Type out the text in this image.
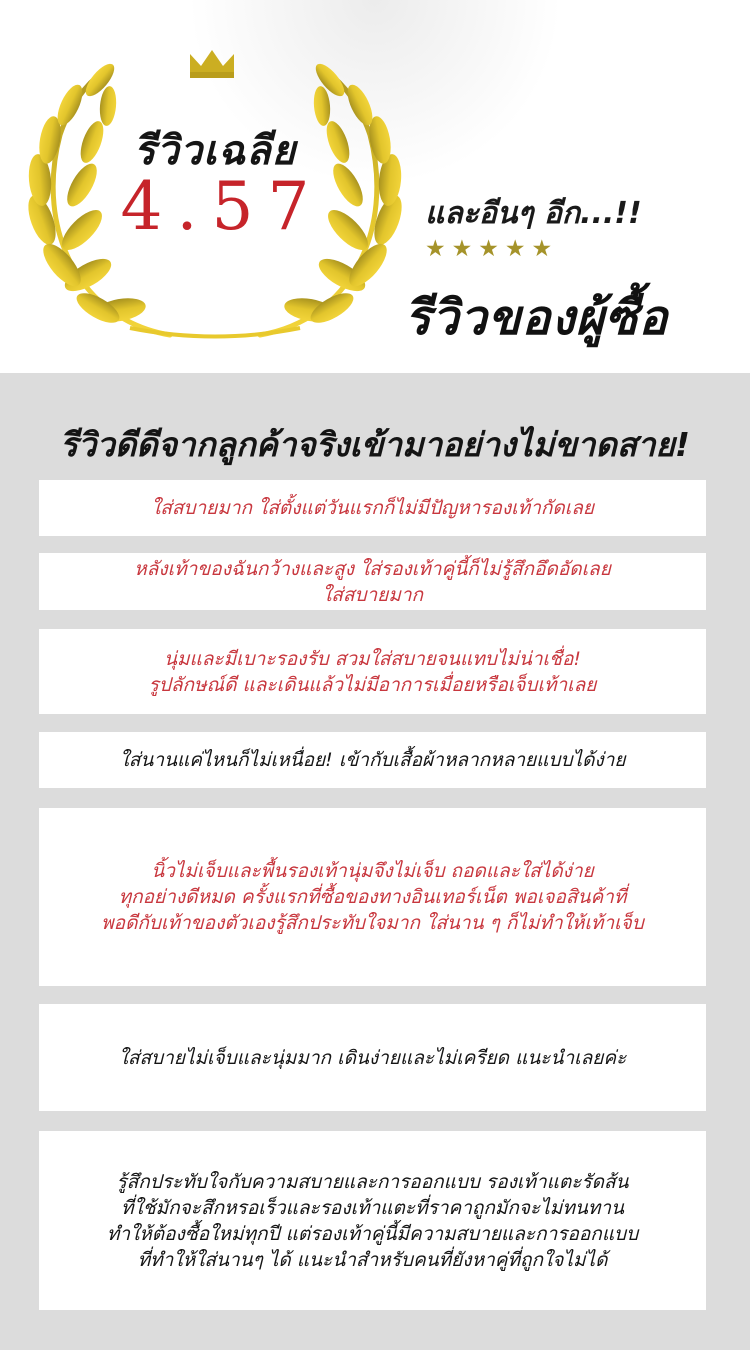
รีวิวเฉลีย
4.57	และอีนๆ อีก...!!
★ ★ ★ ★ ★
รีวิวของผู้ซื้อ
รีวิวดีดีจากลูกค้าจริงเข้ามาอย่างไม่ขาดสาย!
ใส่สบายมาก ใส่ตั้งแต่วันแรกก็ไม่มีปัญหารองเท้ากัดเลย
หลังเท้าของฉันกว้างและสูง ใส่รองเท้าคู่นี้ก็ไม่รู้สึกอึดอัดเลย
ใส่สบายมาก
นุ่มและมีเบาะรองรับ สวมใส่สบายจนแทบไม่น่าเชื่อ!
รูปลักษณ์ดี และเดินแล้วไม่มีอาการเมื่อยหรือเจ็บเท้าเลย
ใส่นานแค่ไหนก็ไม่เหนื่อย! เข้ากับเสื้อผ้าหลากหลายแบบได้ง่าย
นิ้วไม่เจ็บและพื้นรองเท้านุ่มจึงไม่เจ็บ ถอดและใส่ได้ง่าย
ทุกอย่างดีหมด ครั้งแรกที่ซื้อของทางอินเทอร์เน็ต พอเจอสินค้าที่
พอดีกับเท้าของตัวเองรู้สึกประทับใจมาก ใส่นาน ๆ ก็ไม่ทำให้เท้าเจ็บ
ใส่สบายไม่เจ็บและนุ่มมาก เดินง่ายและไม่เครียด แนะนำเลยค่ะ
รู้สึกประทับใจกับความสบายและการออกแบบ รองเท้าแตะรัดส้น
ที่ใช้มักจะสึกหรอเร็วและรองเท้าแตะที่ราคาถูกมักจะไม่ทนทาน
ทำให้ต้องซื้อใหม่ทุกปี แต่รองเท้าคู่นี้มีความสบายและการออกแบบ
ที่ทำให้ใส่นานๆ ได้ แนะนำสำหรับคนที่ยังหาคู่ที่ถูกใจไม่ได้
